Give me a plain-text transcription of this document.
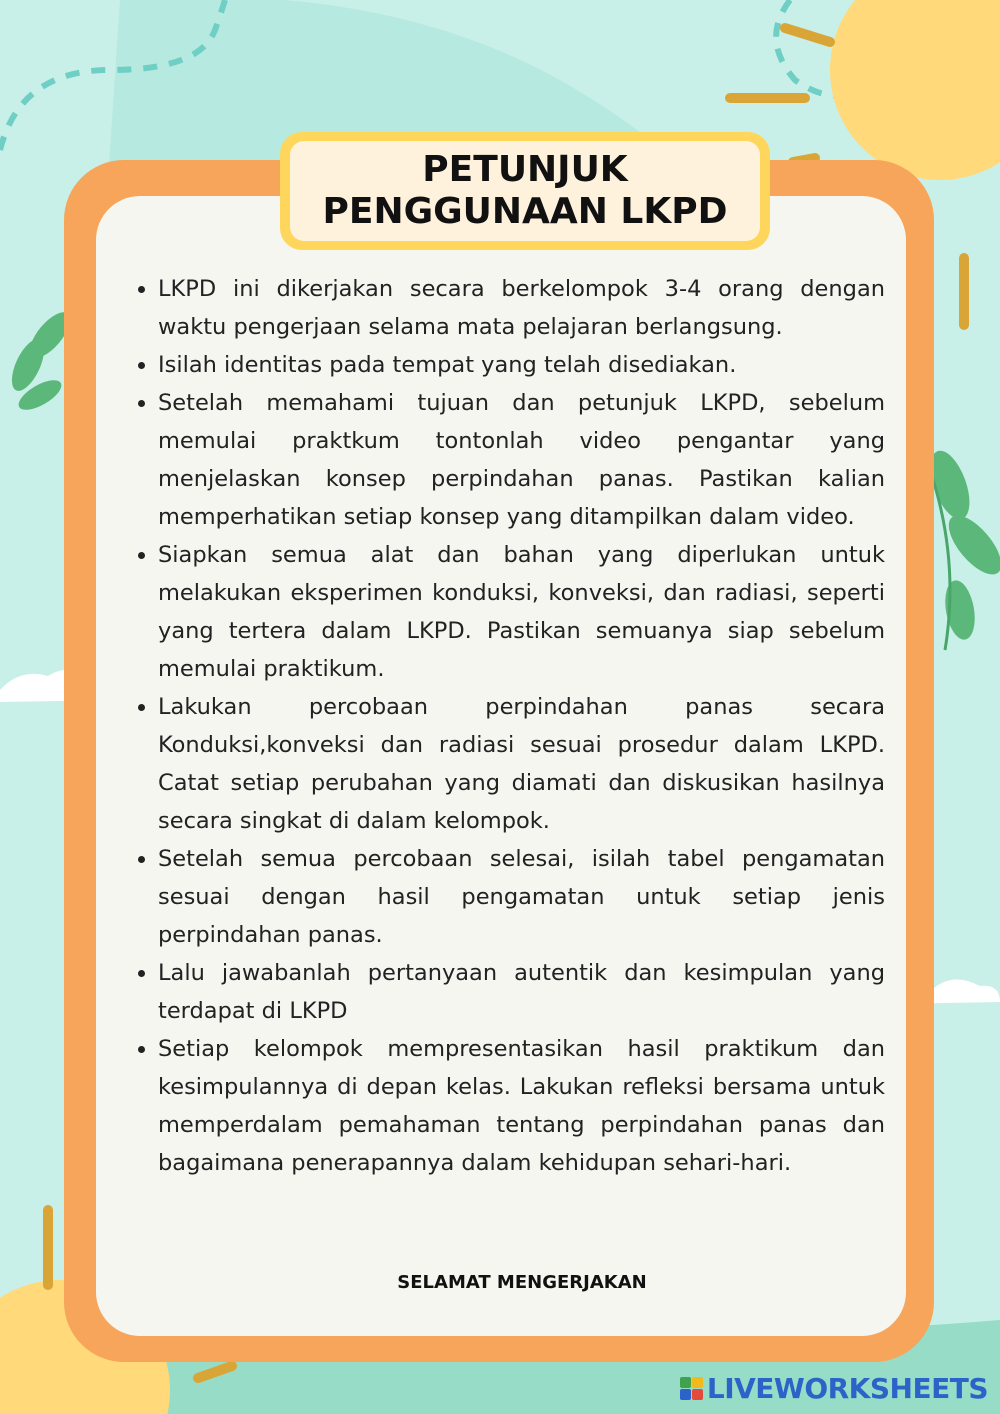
PETUNJUK
PENGGUNAAN LKPD
• LKPD ini dikerjakan secara berkelompok 3-4 orang dengan waktu pengerjaan selama mata pelajaran berlangsung.
• Isilah identitas pada tempat yang telah disediakan.
• Setelah memahami tujuan dan petunjuk LKPD, sebelum memulai praktkum tontonlah video pengantar yang menjelaskan konsep perpindahan panas. Pastikan kalian memperhatikan setiap konsep yang ditampilkan dalam video.
• Siapkan semua alat dan bahan yang diperlukan untuk melakukan eksperimen konduksi, konveksi, dan radiasi, seperti yang tertera dalam LKPD. Pastikan semuanya siap sebelum memulai praktikum.
• Lakukan percobaan perpindahan panas secara Konduksi,konveksi dan radiasi sesuai prosedur dalam LKPD. Catat setiap perubahan yang diamati dan diskusikan hasilnya secara singkat di dalam kelompok.
• Setelah semua percobaan selesai, isilah tabel pengamatan sesuai dengan hasil pengamatan untuk setiap jenis perpindahan panas.
• Lalu jawabanlah pertanyaan autentik dan kesimpulan yang terdapat di LKPD
• Setiap kelompok mempresentasikan hasil praktikum dan kesimpulannya di depan kelas. Lakukan refleksi bersama untuk memperdalam pemahaman tentang perpindahan panas dan bagaimana penerapannya dalam kehidupan sehari-hari.
SELAMAT MENGERJAKAN
LIVEWORKSHEETS
